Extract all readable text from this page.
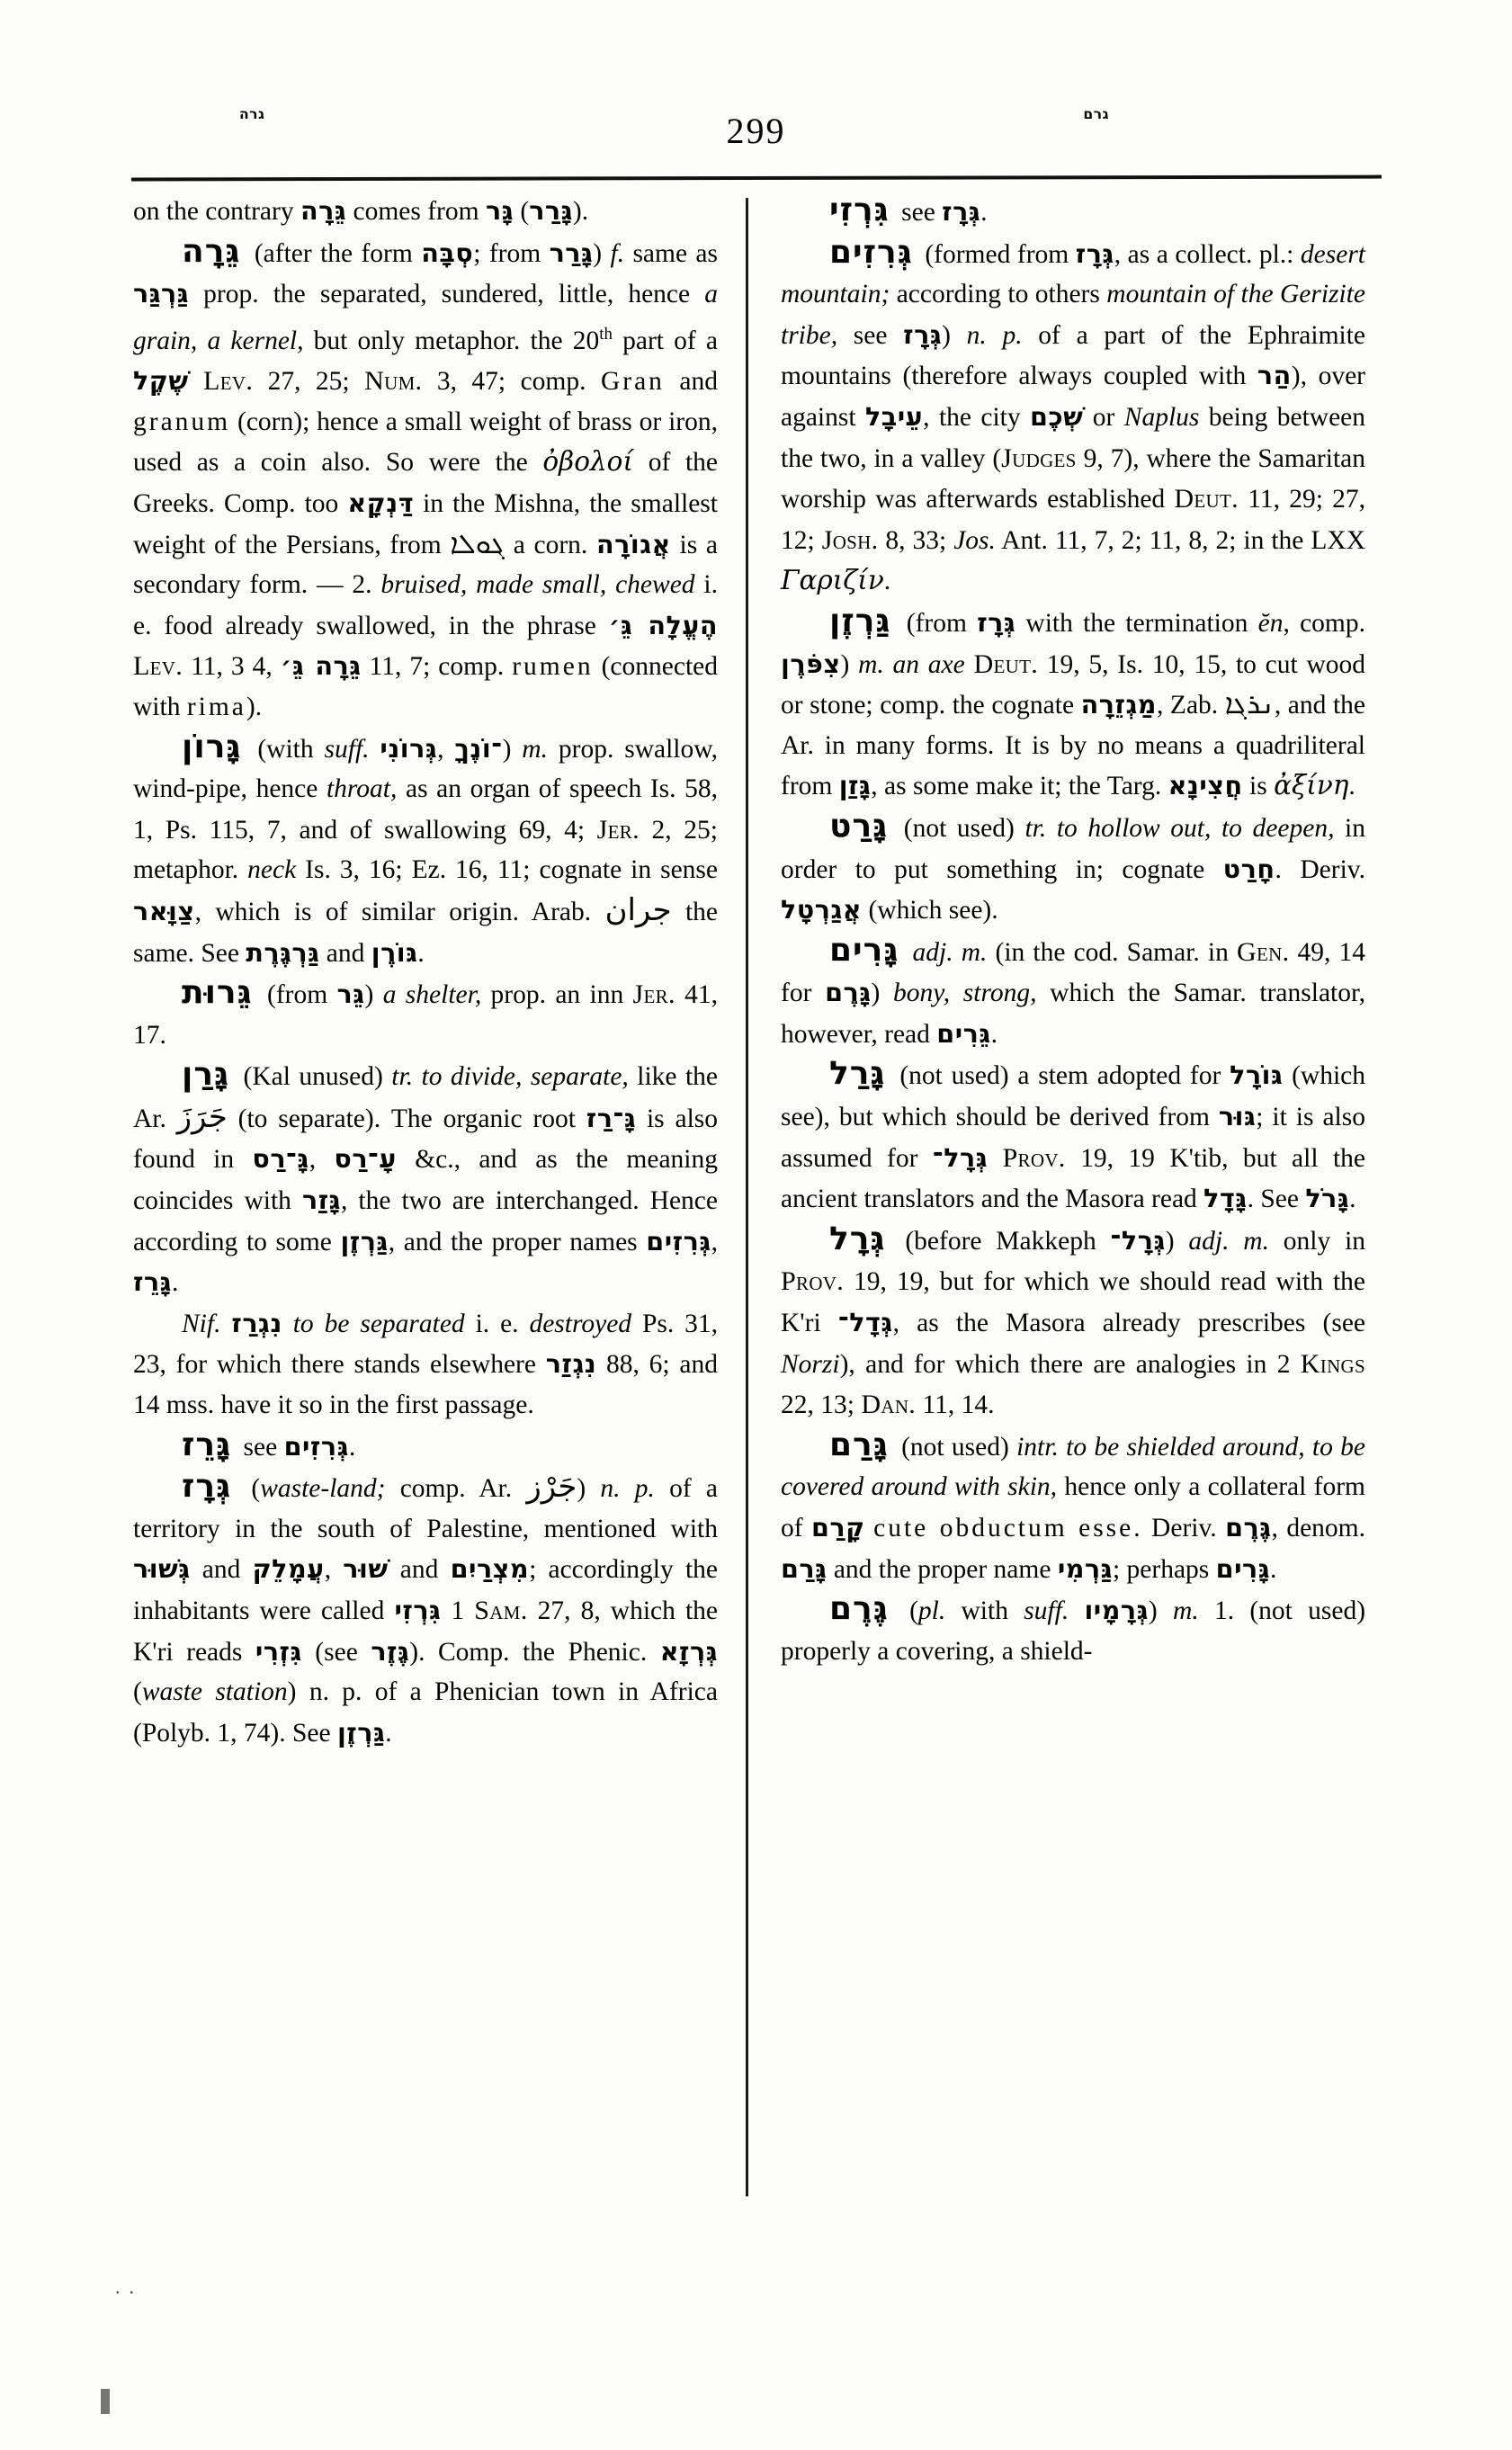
גרה	299	גרם

on the contrary גֵּרָה comes from גָּר (גָּרַר).

גֵּרָה (after the form סְבָּה; from גָּרַר) f. same as גַּרְגַּר prop. the separated, sundered, little, hence a grain, a kernel, but only metaphor. the 20th part of a שֶׁקֶל Lev. 27, 25; Num. 3, 47; comp. Gran and granum (corn); hence a small weight of brass or iron, used as a coin also. So were the ὀβολοί of the Greeks. Comp. too דַּנְקָא in the Mishna, the smallest weight of the Persians, from ܓܘܠܐ a corn. אֲגוֹרָה is a secondary form. — 2. bruised, made small, chewed i. e. food already swallowed, in the phrase הֶעֱלָה גֵּ׳ Lev. 11, 3 4, גֵּרָה גֵּ׳ 11, 7; comp. rumen (connected with rima).

גָּרוֹן (with suff. גְּרוֹנִי, ־וֹנֶךָ) m. prop. swallow, wind-pipe, hence throat, as an organ of speech Is. 58, 1, Ps. 115, 7, and of swallowing 69, 4; Jer. 2, 25; metaphor. neck Is. 3, 16; Ez. 16, 11; cognate in sense צַוָּאר, which is of similar origin. Arab. جران the same. See גַּרְגֶּרֶת and גּוֹרֶן.

גֵּרוּת (from גֵּר) a shelter, prop. an inn Jer. 41, 17.

גָּרַן (Kal unused) tr. to divide, separate, like the Ar. جَرَزَ (to separate). The organic root גָּ־רַז is also found in גָּ־רַס, עָ־רַס &c., and as the meaning coincides with גָּזַר, the two are interchanged. Hence according to some גַּרְזֶן, and the proper names גְּרִזִים, גָּרֵז.

Nif. נִגְרַז to be separated i. e. destroyed Ps. 31, 23, for which there stands elsewhere נִגְזַר 88, 6; and 14 mss. have it so in the first passage.

גָּרֵז see גְּרִזִים.

גְּרָז (waste-land; comp. Ar. جَرْز) n. p. of a territory in the south of Palestine, mentioned with גְּשׁוּר and עֲמָלֵק, שׁוּר and מִצְרַיִם; accordingly the inhabitants were called גִּרְזִי 1 Sam. 27, 8, which the K'ri reads גִּזְרִי (see גֶּזֶר). Comp. the Phenic. גְּרְזָא (waste station) n. p. of a Phenician town in Africa (Polyb. 1, 74). See גַּרְזֶן.

גִּרְזִי see גְּרָז.

גְּרִזִים (formed from גְּרָז, as a collect. pl.: desert mountain; according to others mountain of the Gerizite tribe, see גְּרָז) n. p. of a part of the Ephraimite mountains (therefore always coupled with הַר), over against עֵיבָל, the city שְׁכֶם or Naplus being between the two, in a valley (Judges 9, 7), where the Samaritan worship was afterwards established Deut. 11, 29; 27, 12; Josh. 8, 33; Jos. Ant. 11, 7, 2; 11, 8, 2; in the LXX Γαριζίν.

גַּרְזֶן (from גְּרָז with the termination ĕn, comp. צִפֹּרֶן) m. an axe Deut. 19, 5, Is. 10, 15, to cut wood or stone; comp. the cognate מַגְזֵרָה, Zab. ܢܪܓܐ, and the Ar. in many forms. It is by no means a quadriliteral from גָּזַן, as some make it; the Targ. חֲצִינָא is ἀξίνη.

גָּרַט (not used) tr. to hollow out, to deepen, in order to put something in; cognate חָרַט. Deriv. אֲגַרְטָל (which see).

גָּרִים adj. m. (in the cod. Samar. in Gen. 49, 14 for גָּרֶם) bony, strong, which the Samar. translator, however, read גֵּרִים.

גָּרַל (not used) a stem adopted for גּוֹרָל (which see), but which should be derived from גּוּר; it is also assumed for גְּרָל־ Prov. 19, 19 K'tib, but all the ancient translators and the Masora read גָּדָל. See גָּרֹל.

גְּרָל (before Makkeph גְּרָל־) adj. m. only in Prov. 19, 19, but for which we should read with the K'ri גְּדָל־, as the Masora already prescribes (see Norzi), and for which there are analogies in 2 Kings 22, 13; Dan. 11, 14.

גָּרַם (not used) intr. to be shielded around, to be covered around with skin, hence only a collateral form of קָרַם cute obductum esse. Deriv. גֶּרֶם, denom. גָּרַם and the proper name גַּרְמִי; perhaps גָּרִים.

גֶּרֶם (pl. with suff. גְּרָמָיו) m. 1. (not used) properly a covering, a shield-

..
